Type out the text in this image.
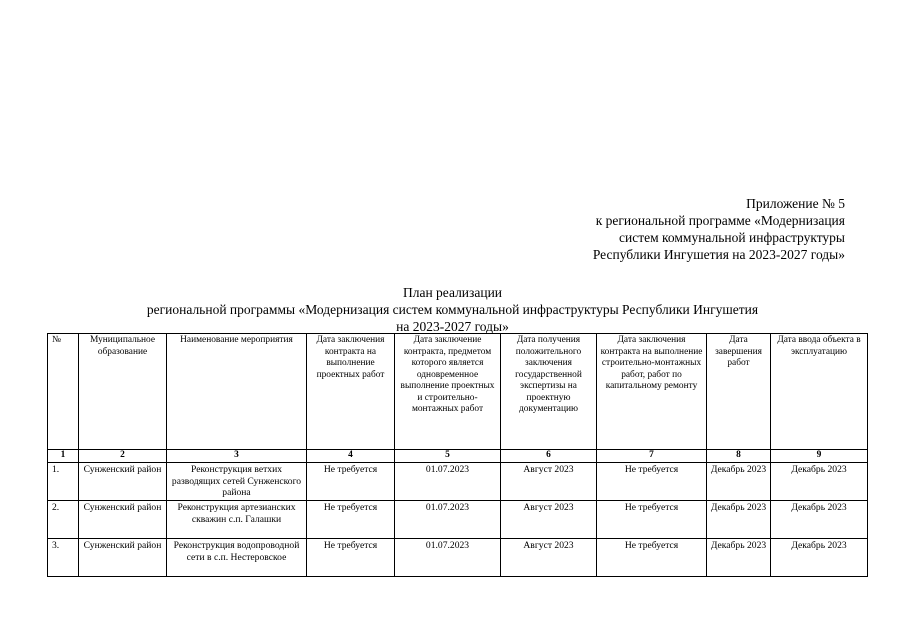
Приложение № 5
к региональной программе «Модернизация
систем коммунальной инфраструктуры
Республики Ингушетия на 2023-2027 годы»
План реализации
региональной программы «Модернизация систем коммунальной инфраструктуры Республики Ингушетия
на 2023-2027 годы»
№	Муниципальное образование	Наименование мероприятия	Дата заключения контракта на выполнение проектных работ	Дата заключение контракта, предметом которого является одновременное выполнение проектных и строительно-монтажных работ	Дата получения положительного заключения государственной экспертизы на проектную документацию	Дата заключения контракта на выполнение строительно-монтажных работ, работ по капитальному ремонту	Дата завершения работ	Дата ввода объекта в эксплуатацию
1	2	3	4	5	6	7	8	9
1.	Сунженский район	Реконструкция ветхих разводящих сетей Сунженского района	Не требуется	01.07.2023	Август 2023	Не требуется	Декабрь 2023	Декабрь 2023
2.	Сунженский район	Реконструкция артезианских скважин с.п. Галашки	Не требуется	01.07.2023	Август 2023	Не требуется	Декабрь 2023	Декабрь 2023
3.	Сунженский район	Реконструкция водопроводной сети в с.п. Нестеровское	Не требуется	01.07.2023	Август 2023	Не требуется	Декабрь 2023	Декабрь 2023
